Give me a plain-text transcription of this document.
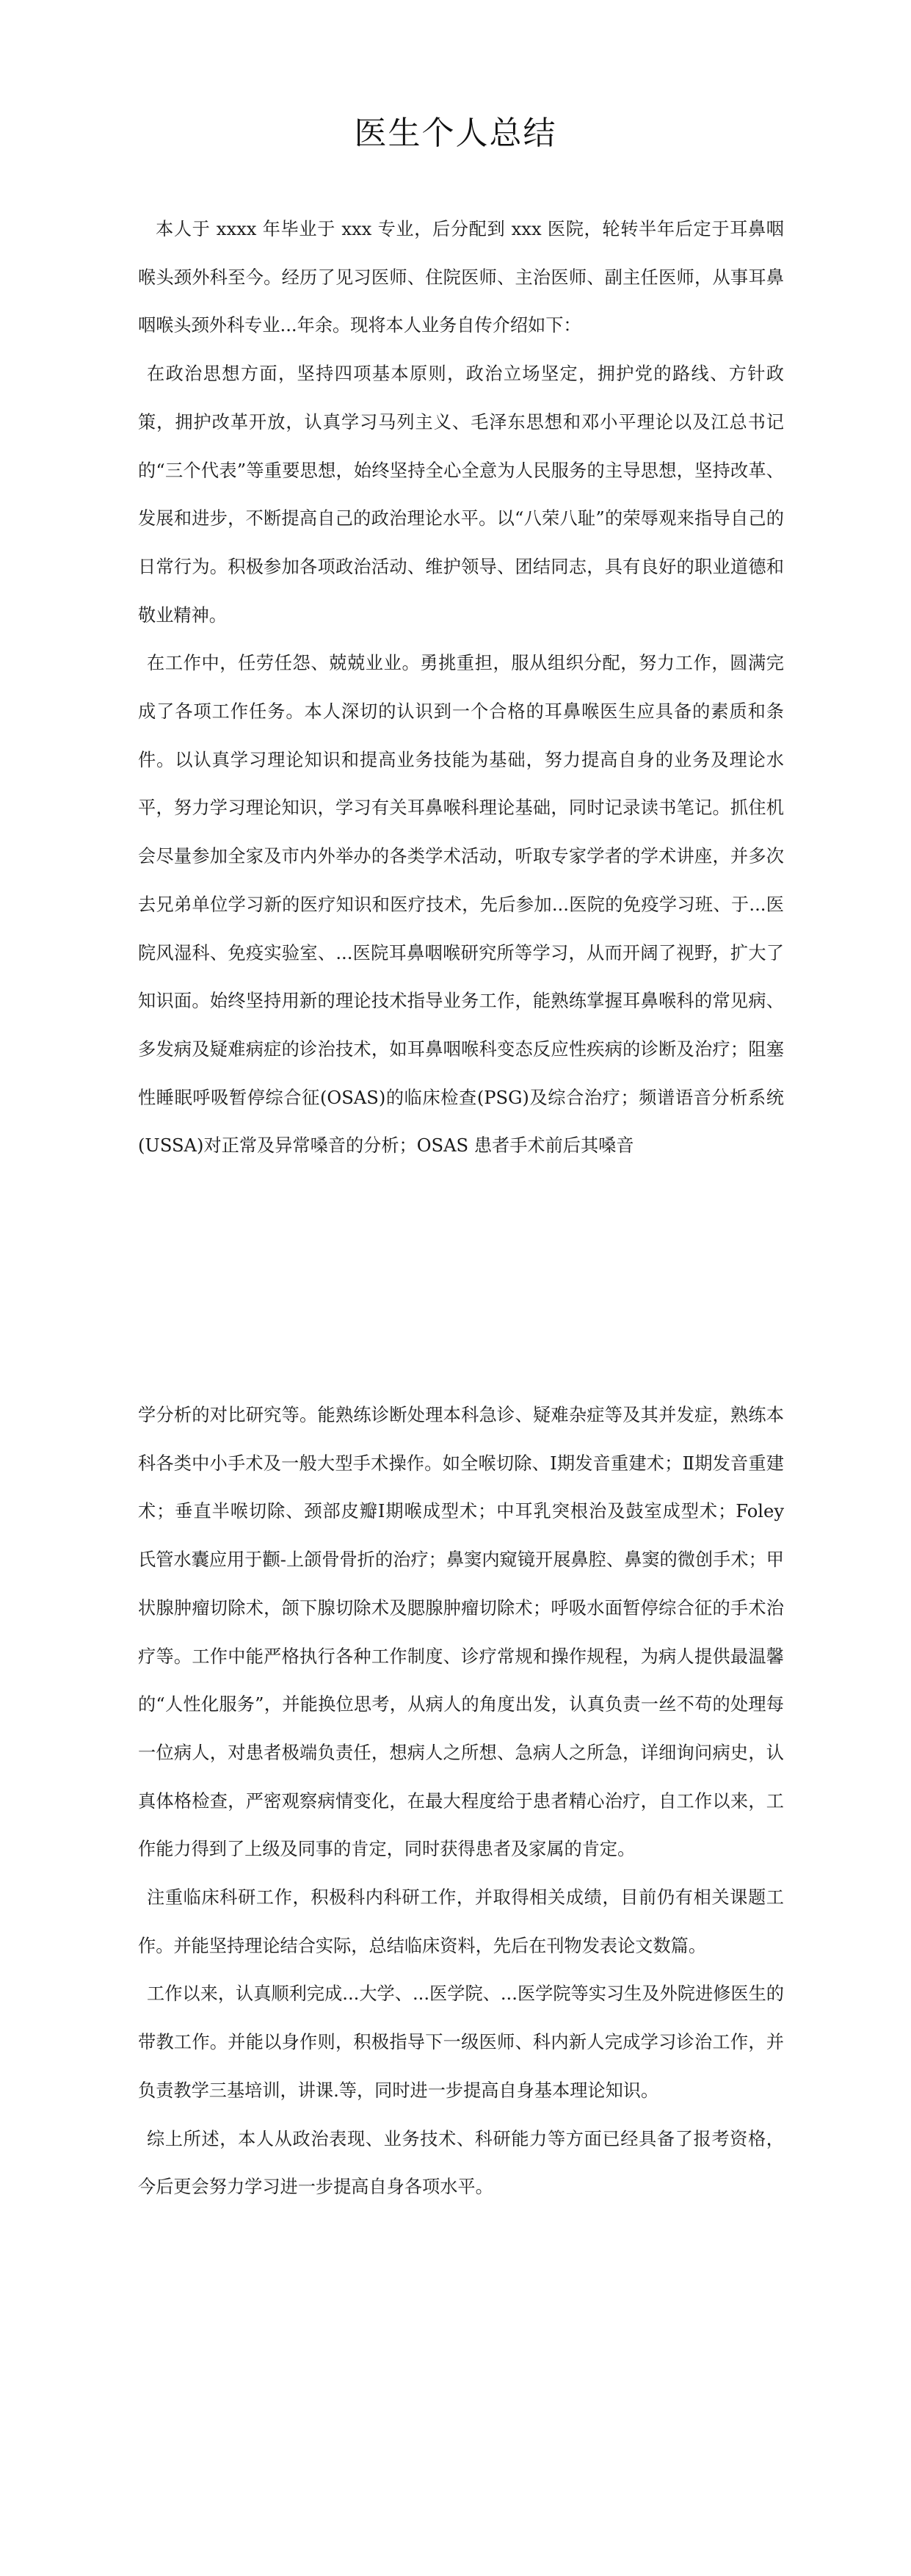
医生个人总结

本人于 xxxx 年毕业于 xxx 专业，后分配到 xxx 医院，轮转半年后定于耳鼻咽喉头颈外科至今。经历了见习医师、住院医师、主治医师、副主任医师，从事耳鼻咽喉头颈外科专业...年余。现将本人业务自传介绍如下：

在政治思想方面，坚持四项基本原则，政治立场坚定，拥护党的路线、方针政策，拥护改革开放，认真学习马列主义、毛泽东思想和邓小平理论以及江总书记的“三个代表”等重要思想，始终坚持全心全意为人民服务的主导思想，坚持改革、发展和进步，不断提高自己的政治理论水平。以“八荣八耻”的荣辱观来指导自己的日常行为。积极参加各项政治活动、维护领导、团结同志，具有良好的职业道德和敬业精神。

在工作中，任劳任怨、兢兢业业。勇挑重担，服从组织分配，努力工作，圆满完成了各项工作任务。本人深切的认识到一个合格的耳鼻喉医生应具备的素质和条件。以认真学习理论知识和提高业务技能为基础，努力提高自身的业务及理论水平，努力学习理论知识，学习有关耳鼻喉科理论基础，同时记录读书笔记。抓住机会尽量参加全家及市内外举办的各类学术活动，听取专家学者的学术讲座，并多次去兄弟单位学习新的医疗知识和医疗技术，先后参加...医院的免疫学习班、于...医院风湿科、免疫实验室、...医院耳鼻咽喉研究所等学习，从而开阔了视野，扩大了知识面。始终坚持用新的理论技术指导业务工作，能熟练掌握耳鼻喉科的常见病、多发病及疑难病症的诊治技术，如耳鼻咽喉科变态反应性疾病的诊断及治疗；阻塞性睡眠呼吸暂停综合征(OSAS)的临床检查(PSG)及综合治疗；频谱语音分析系统(USSA)对正常及异常嗓音的分析；OSAS 患者手术前后其嗓音

学分析的对比研究等。能熟练诊断处理本科急诊、疑难杂症等及其并发症，熟练本科各类中小手术及一般大型手术操作。如全喉切除、Ⅰ期发音重建术；Ⅱ期发音重建术；垂直半喉切除、颈部皮瓣Ⅰ期喉成型术；中耳乳突根治及鼓室成型术；Foley 氏管水囊应用于颧-上颌骨骨折的治疗；鼻窦内窥镜开展鼻腔、鼻窦的微创手术；甲状腺肿瘤切除术，颌下腺切除术及腮腺肿瘤切除术；呼吸水面暂停综合征的手术治疗等。工作中能严格执行各种工作制度、诊疗常规和操作规程，为病人提供最温馨的“人性化服务”，并能换位思考，从病人的角度出发，认真负责一丝不苟的处理每一位病人，对患者极端负责任，想病人之所想、急病人之所急，详细询问病史，认真体格检查，严密观察病情变化，在最大程度给于患者精心治疗，自工作以来，工作能力得到了上级及同事的肯定，同时获得患者及家属的肯定。

注重临床科研工作，积极科内科研工作，并取得相关成绩，目前仍有相关课题工作。并能坚持理论结合实际，总结临床资料，先后在刊物发表论文数篇。

工作以来，认真顺利完成...大学、...医学院、...医学院等实习生及外院进修医生的带教工作。并能以身作则，积极指导下一级医师、科内新人完成学习诊治工作，并负责教学三基培训，讲课.等，同时进一步提高自身基本理论知识。

综上所述，本人从政治表现、业务技术、科研能力等方面已经具备了报考资格，今后更会努力学习进一步提高自身各项水平。
